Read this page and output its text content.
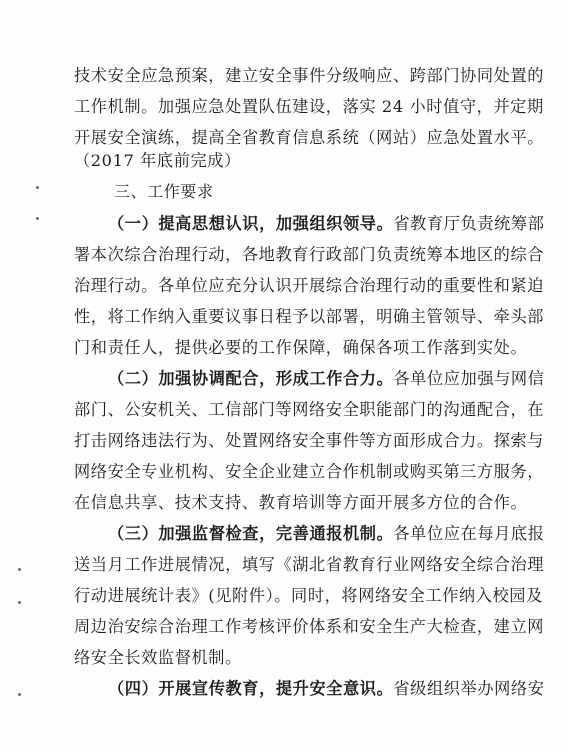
技术安全应急预案，建立安全事件分级响应、跨部门协同处置的
工作机制。加强应急处置队伍建设，落实 24 小时值守，并定期
开展安全演练，提高全省教育信息系统（网站）应急处置水平。
（2017 年底前完成）
三、工作要求
（一）提高思想认识，加强组织领导。省教育厅负责统筹部
署本次综合治理行动，各地教育行政部门负责统筹本地区的综合
治理行动。各单位应充分认识开展综合治理行动的重要性和紧迫
性，将工作纳入重要议事日程予以部署，明确主管领导、牵头部
门和责任人，提供必要的工作保障，确保各项工作落到实处。
（二）加强协调配合，形成工作合力。各单位应加强与网信
部门、公安机关、工信部门等网络安全职能部门的沟通配合，在
打击网络违法行为、处置网络安全事件等方面形成合力。探索与
网络安全专业机构、安全企业建立合作机制或购买第三方服务，
在信息共享、技术支持、教育培训等方面开展多方位的合作。
（三）加强监督检查，完善通报机制。各单位应在每月底报
送当月工作进展情况，填写《湖北省教育行业网络安全综合治理
行动进展统计表》(见附件）。同时，将网络安全工作纳入校园及
周边治安综合治理工作考核评价体系和安全生产大检查，建立网
络安全长效监督机制。
（四）开展宣传教育，提升安全意识。省级组织举办网络安
